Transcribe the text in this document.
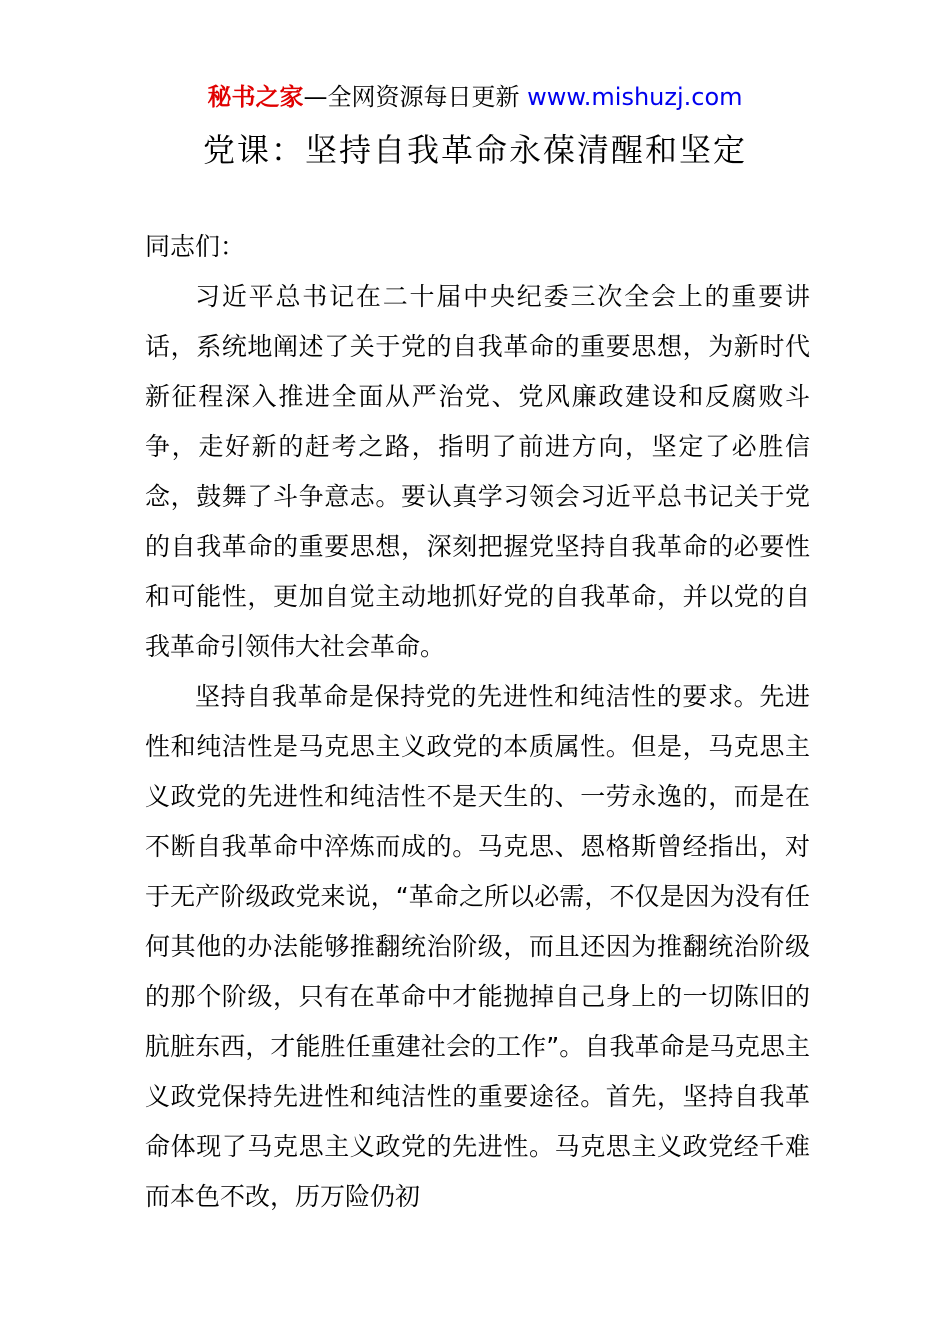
秘书之家—全网资源每日更新 www.mishuzj.com
党课：坚持自我革命永葆清醒和坚定

同志们：

习近平总书记在二十届中央纪委三次全会上的重要讲话，系统地阐述了关于党的自我革命的重要思想，为新时代新征程深入推进全面从严治党、党风廉政建设和反腐败斗争，走好新的赶考之路，指明了前进方向，坚定了必胜信念，鼓舞了斗争意志。要认真学习领会习近平总书记关于党的自我革命的重要思想，深刻把握党坚持自我革命的必要性和可能性，更加自觉主动地抓好党的自我革命，并以党的自我革命引领伟大社会革命。

坚持自我革命是保持党的先进性和纯洁性的要求。先进性和纯洁性是马克思主义政党的本质属性。但是，马克思主义政党的先进性和纯洁性不是天生的、一劳永逸的，而是在不断自我革命中淬炼而成的。马克思、恩格斯曾经指出，对于无产阶级政党来说，“革命之所以必需，不仅是因为没有任何其他的办法能够推翻统治阶级，而且还因为推翻统治阶级的那个阶级，只有在革命中才能抛掉自己身上的一切陈旧的肮脏东西，才能胜任重建社会的工作”。自我革命是马克思主义政党保持先进性和纯洁性的重要途径。首先，坚持自我革命体现了马克思主义政党的先进性。马克思主义政党经千难而本色不改，历万险仍初
